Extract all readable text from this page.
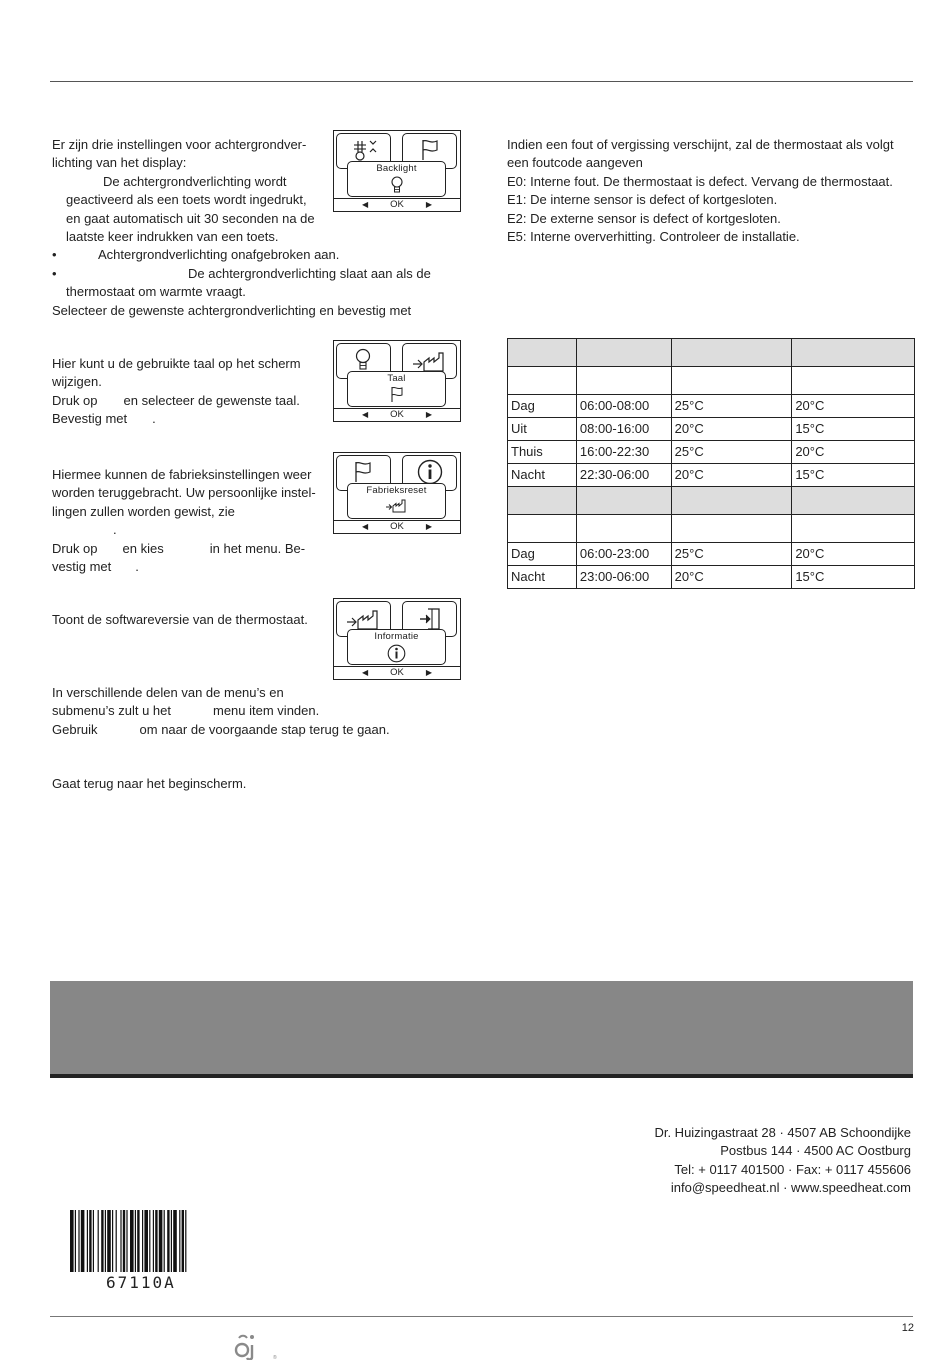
Er zijn drie instellingen voor achtergrondver-

lichting van het display:

De achtergrondverlichting wordt

geactiveerd als een toets wordt ingedrukt,

en gaat automatisch uit 30 seconden na de

laatste keer indrukken van een toets.

• Achtergrondverlichting onafgebroken aan.

• De achtergrondverlichting slaat aan als de

thermostaat om warmte vraagt.

Selecteer de gewenste achtergrondverlichting en bevestig met

Hier kunt u de gebruikte taal op het scherm

wijzigen.

Druk op en selecteer de gewenste taal.

Bevestig met .

Hiermee kunnen de fabrieksinstellingen weer

worden teruggebracht. Uw persoonlijke instel-

lingen zullen worden gewist, zie

.

Druk op en kies	in het menu. Be-

vestig met .

Toont de softwareversie van de thermostaat.

In verschillende delen van de menu’s en

submenu’s zult u het	menu item vinden.

Gebruik	om naar de voorgaande stap terug te gaan.

Gaat terug naar het beginscherm.

Backlight
◀	OK	▶
Taal
◀	OK	▶
Fabrieksreset
◀	OK	▶
Informatie
◀	OK	▶

Indien een fout of vergissing verschijnt, zal de thermostaat als volgt

een foutcode aangeven

E0: Interne fout. De thermostaat is defect. Vervang de thermostaat.

E1: De interne sensor is defect of kortgesloten.

E2: De externe sensor is defect of kortgesloten.

E5: Interne oververhitting. Controleer de installatie.

Dag	06:00-08:00	25°C	20°C
Uit	08:00-16:00	20°C	15°C
Thuis	16:00-22:30	25°C	20°C
Nacht	22:30-06:00	20°C	15°C

Dag	06:00-23:00	25°C	20°C
Nacht	23:00-06:00	20°C	15°C

Dr. Huizingastraat 28 · 4507 AB Schoondijke

Postbus 144 · 4500 AC Oostburg

Tel: + 0117 401500 · Fax: + 0117 455606

info@speedheat.nl · www.speedheat.com

67110A
®
12
